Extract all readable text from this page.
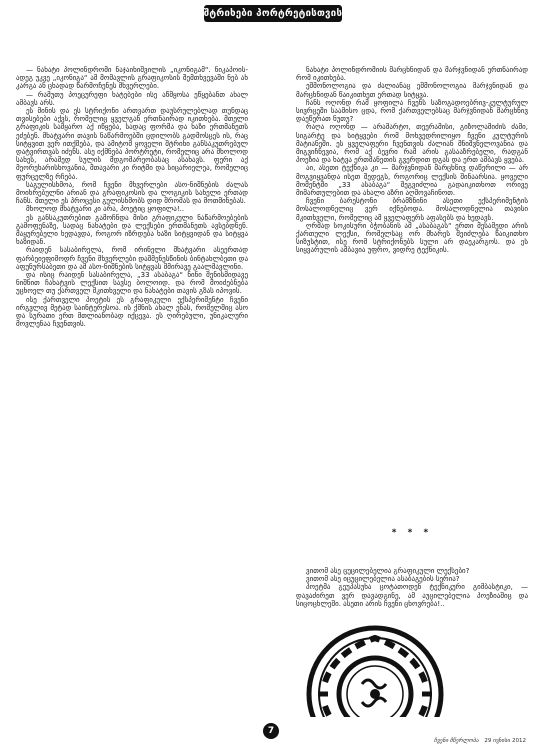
შტრიხები პორტრეტისთვის

— ნახატი პოლინდრომი ნაჯაიხიშვილის „იკონიგამ“. ნიკაპოისადეგ უკვე „იკონიგა“ ამ მომავლის გრაფიკოსის შემთხვევაში ნებ ახ კარგა ან ცხადად წარმოჩენეს მხვერლები.

— რამუთუ პოეცურეფი ხატებები ისე აწმყოსა ეწყებანთ ახალ ამბავს არს.

ეს მინის და ეს სტრიქონი ართვართ დაუსრულებლად თუნდაც თვისებები აქვს, რომელიც ყველგან ერთნაირად იკითხება. მთელი გრაფიკის სამყარო აქ იწყება, სადაც ფორმა და ხაზი ერთმანეთს ეძებენ. მხატვარი თავის ნაწარმოებში ცდილობს გადმოსცეს ის, რაც სიტყვით ვერ ითქმება, და ამიტომ ყოველი შტრიხი განსაკუთრებულ დატვირთვას იძენს. ასე იქმნება პორტრეტი, რომელიც არა მხოლოდ სახეს, არამედ სულის მდგომარეობასაც ასახავს. ფერი აქ მეორეხარისხოვანია, მთავარი კი რიტმი და სიცარიელეა, რომელიც ფურცელზე რჩება.

საგულისხმოა, რომ ჩვენი მხვერლები ასო-ნიშნების ძალას მოიხრებულნი არიან და გრაფიკოსის და ლოგიკის სახელი ერთად ჩანს. მთელი ეს პროცესი გულისხმობს დიდ შრომას და მოთმინებას.

მხოლოდ მხატვარი კი არა, პოეტიც ყოფილა!..

ეს განსაკუთრებით გამოჩნდა მისი გრაფიკული ნაწარმოებების გამოფენაზე, სადაც ნახატები და ლექსები ერთმანეთს ავსებდნენ. მაყურებელი ხედავდა, როგორ იზრდება ხაზი სიტყვიდან და სიტყვა ხაზიდან.

რაიდენ სასაბირელა, რომ ირინელი მხატვარი ასეერთად ფარბეიეფიმოდრ ჩვენი მხვერლები დაშმენესწინის ბინტახლბეთი და აფუნურსაბეთი და ამ ასო-ნიშნების სიტყვას მმირავე გაალმავლინი.

და ისიც რაიდენ სასაბირელა, „33 ასაბაგა“ ნინი შენისმიდავე ნიშნით ჩახატვის ლექსით სავსე ბოლოიდ. და რომ მოიძებნება უცხოელ თუ ქართველ მკითხველი და ნახატები თავის გზას იპოვის.

ისე ქართველი პოეტის ეს გრაფიკული ექსპერიმენტი ჩვენი ირგვლივ მეტად საინტერესოა. ის ქმნის ახალ ენას, რომელშიც ასო და სურათი ერთ მთლიანობად იქცევა. ეს ღირებული, უნიკალური მოვლენაა ჩვენთვის.

ნახატი პოლინდრომიის მარცხნიდან და მარჯვნიდან ერთნაირად რომ იკითხება.

ეშმონოლოგია და ძალიანაც ეშმონოლოგია მარჯვნიდან და მარცხნიდან წაიკითხეთ ერთად სიტყვა.

ჩანს ოღონდ რამ ყოფილა ჩვენს საზოგადოებრივ-კულტურულ სივრცეში საამისო ცდა, რომ ქართველებსაც მარჯვნიდან მარცხნივ დაეწერათ ნუთუ?

რაღა ოღონდ — არამარტო, თეერამისი, გიზოლამიძის ძამი, სიგარტე და სიტყვები რომ მოხვედრილიყო ჩვენი კულტურის მატიანეში. ეს ყველაფერი ჩვენთვის ძალიან მნიშვნელოვანია და მიგვიჩნევია, რომ აქ ბევრი რამ არის გასააზრებელი, რადგან პოეზია და ხატვა ერთმანეთის გვერდით დგას და ერთ ამბავს ყვება.

აი, ასეთი ტექნიკა კი — მარჯვნიდან მარცხნივ დაწერილი — არ მოგვიყვანდა ისეთ შედეგს, როგორიც ლექსის შინაარსია. ყოველი მომენტში „33 ასაბაგა“ შეგვიძლია გადაიკითხოთ ორივე მიმართულებით და ახალი აზრი აღმოვაჩინოთ.

ჩვენი ბარესტონი ბრამზნინი ასეთი ექსპერიმენტის მოსალოდნელიც ვერ იქნებოდა. მოსალოდნელია თავისი მკითხველი, რომელიც ამ ყველაფერს აფასებს და ხედავს.

ღრმად სოკისური ბჭობანის ამ „ასაბაგას“ ერთი მესამედი არის ქართული ლექსი, რომელსაც ორ მხარეს შეიძლება წაიკითხო სიზუსტით, ისე რომ სტრიქონებს სული არ დაეკარგოს. და ეს სიყვარულის ამბავია უფრო, ვიდრე ტექნიკის.

* * *

ვითომ ასე ცუცილებელია გრაფიკული ლექსები?

ვითომ ასე იცუცილებელია ასაბაგების სერია?

პოეტმა გეუპასუხა ცოტათოდენ ტექნიკური გიმბასტიკი, — დავაძირეთ ვერ დავადგინე, ამ აუცილებელია პოეზიაშიც და სიცოცხლეში. ასეთი არის ჩვენი ცხოვრება!..

7
ჩვენი მწერლობა 29 ივნისი 2012
